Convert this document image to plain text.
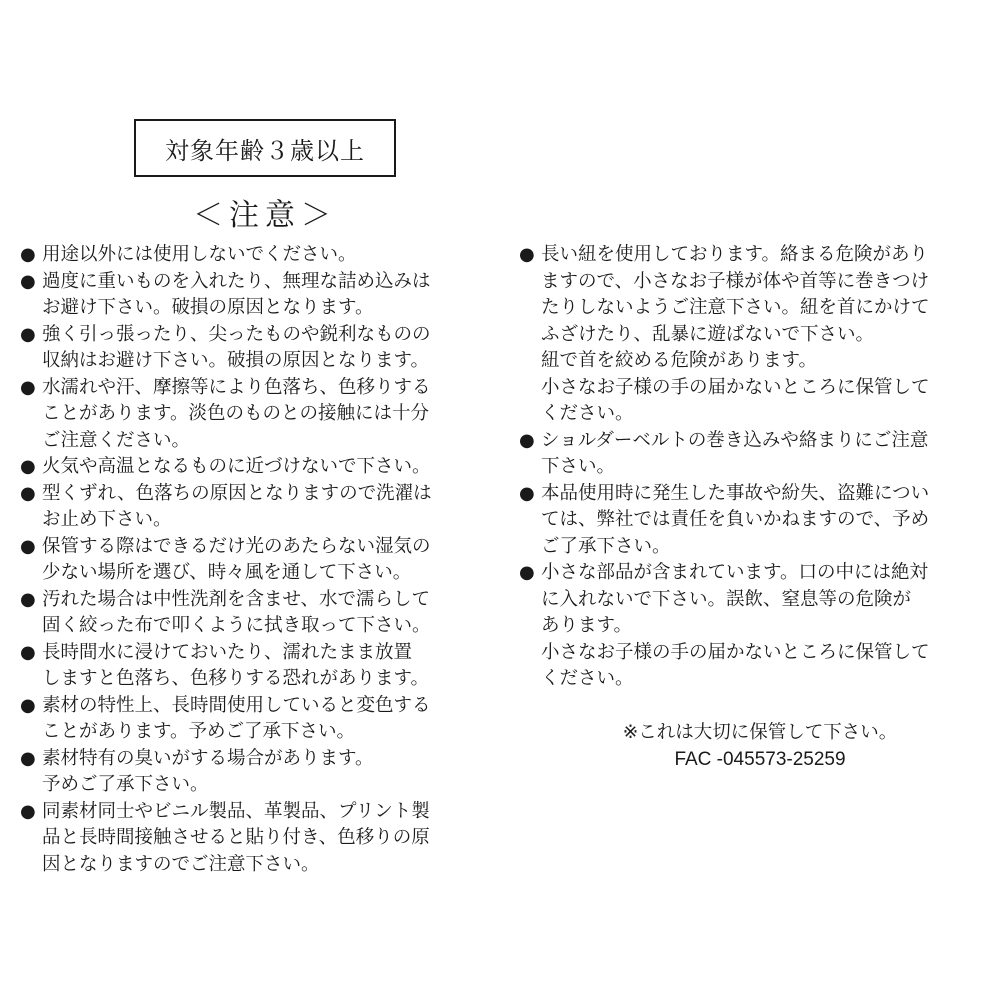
対象年齢３歳以上
＜注意＞
● 用途以外には使用しないでください。
● 過度に重いものを入れたり、無理な詰め込みは
お避け下さい。破損の原因となります。
● 強く引っ張ったり、尖ったものや鋭利なものの
収納はお避け下さい。破損の原因となります。
● 水濡れや汗、摩擦等により色落ち、色移りする
ことがあります。淡色のものとの接触には十分
ご注意ください。
● 火気や高温となるものに近づけないで下さい。
● 型くずれ、色落ちの原因となりますので洗濯は
お止め下さい。
● 保管する際はできるだけ光のあたらない湿気の
少ない場所を選び、時々風を通して下さい。
● 汚れた場合は中性洗剤を含ませ、水で濡らして
固く絞った布で叩くように拭き取って下さい。
● 長時間水に浸けておいたり、濡れたまま放置
しますと色落ち、色移りする恐れがあります。
● 素材の特性上、長時間使用していると変色する
ことがあります。予めご了承下さい。
● 素材特有の臭いがする場合があります。
予めご了承下さい。
● 同素材同士やビニル製品、革製品、プリント製
品と長時間接触させると貼り付き、色移りの原
因となりますのでご注意下さい。
● 長い紐を使用しております。絡まる危険があり
ますので、小さなお子様が体や首等に巻きつけ
たりしないようご注意下さい。紐を首にかけて
ふざけたり、乱暴に遊ばないで下さい。
紐で首を絞める危険があります。
小さなお子様の手の届かないところに保管して
ください。
● ショルダーベルトの巻き込みや絡まりにご注意
下さい。
● 本品使用時に発生した事故や紛失、盗難につい
ては、弊社では責任を負いかねますので、予め
ご了承下さい。
● 小さな部品が含まれています。口の中には絶対
に入れないで下さい。誤飲、窒息等の危険が
あります。
小さなお子様の手の届かないところに保管して
ください。
※これは大切に保管して下さい。
FAC -045573-25259
